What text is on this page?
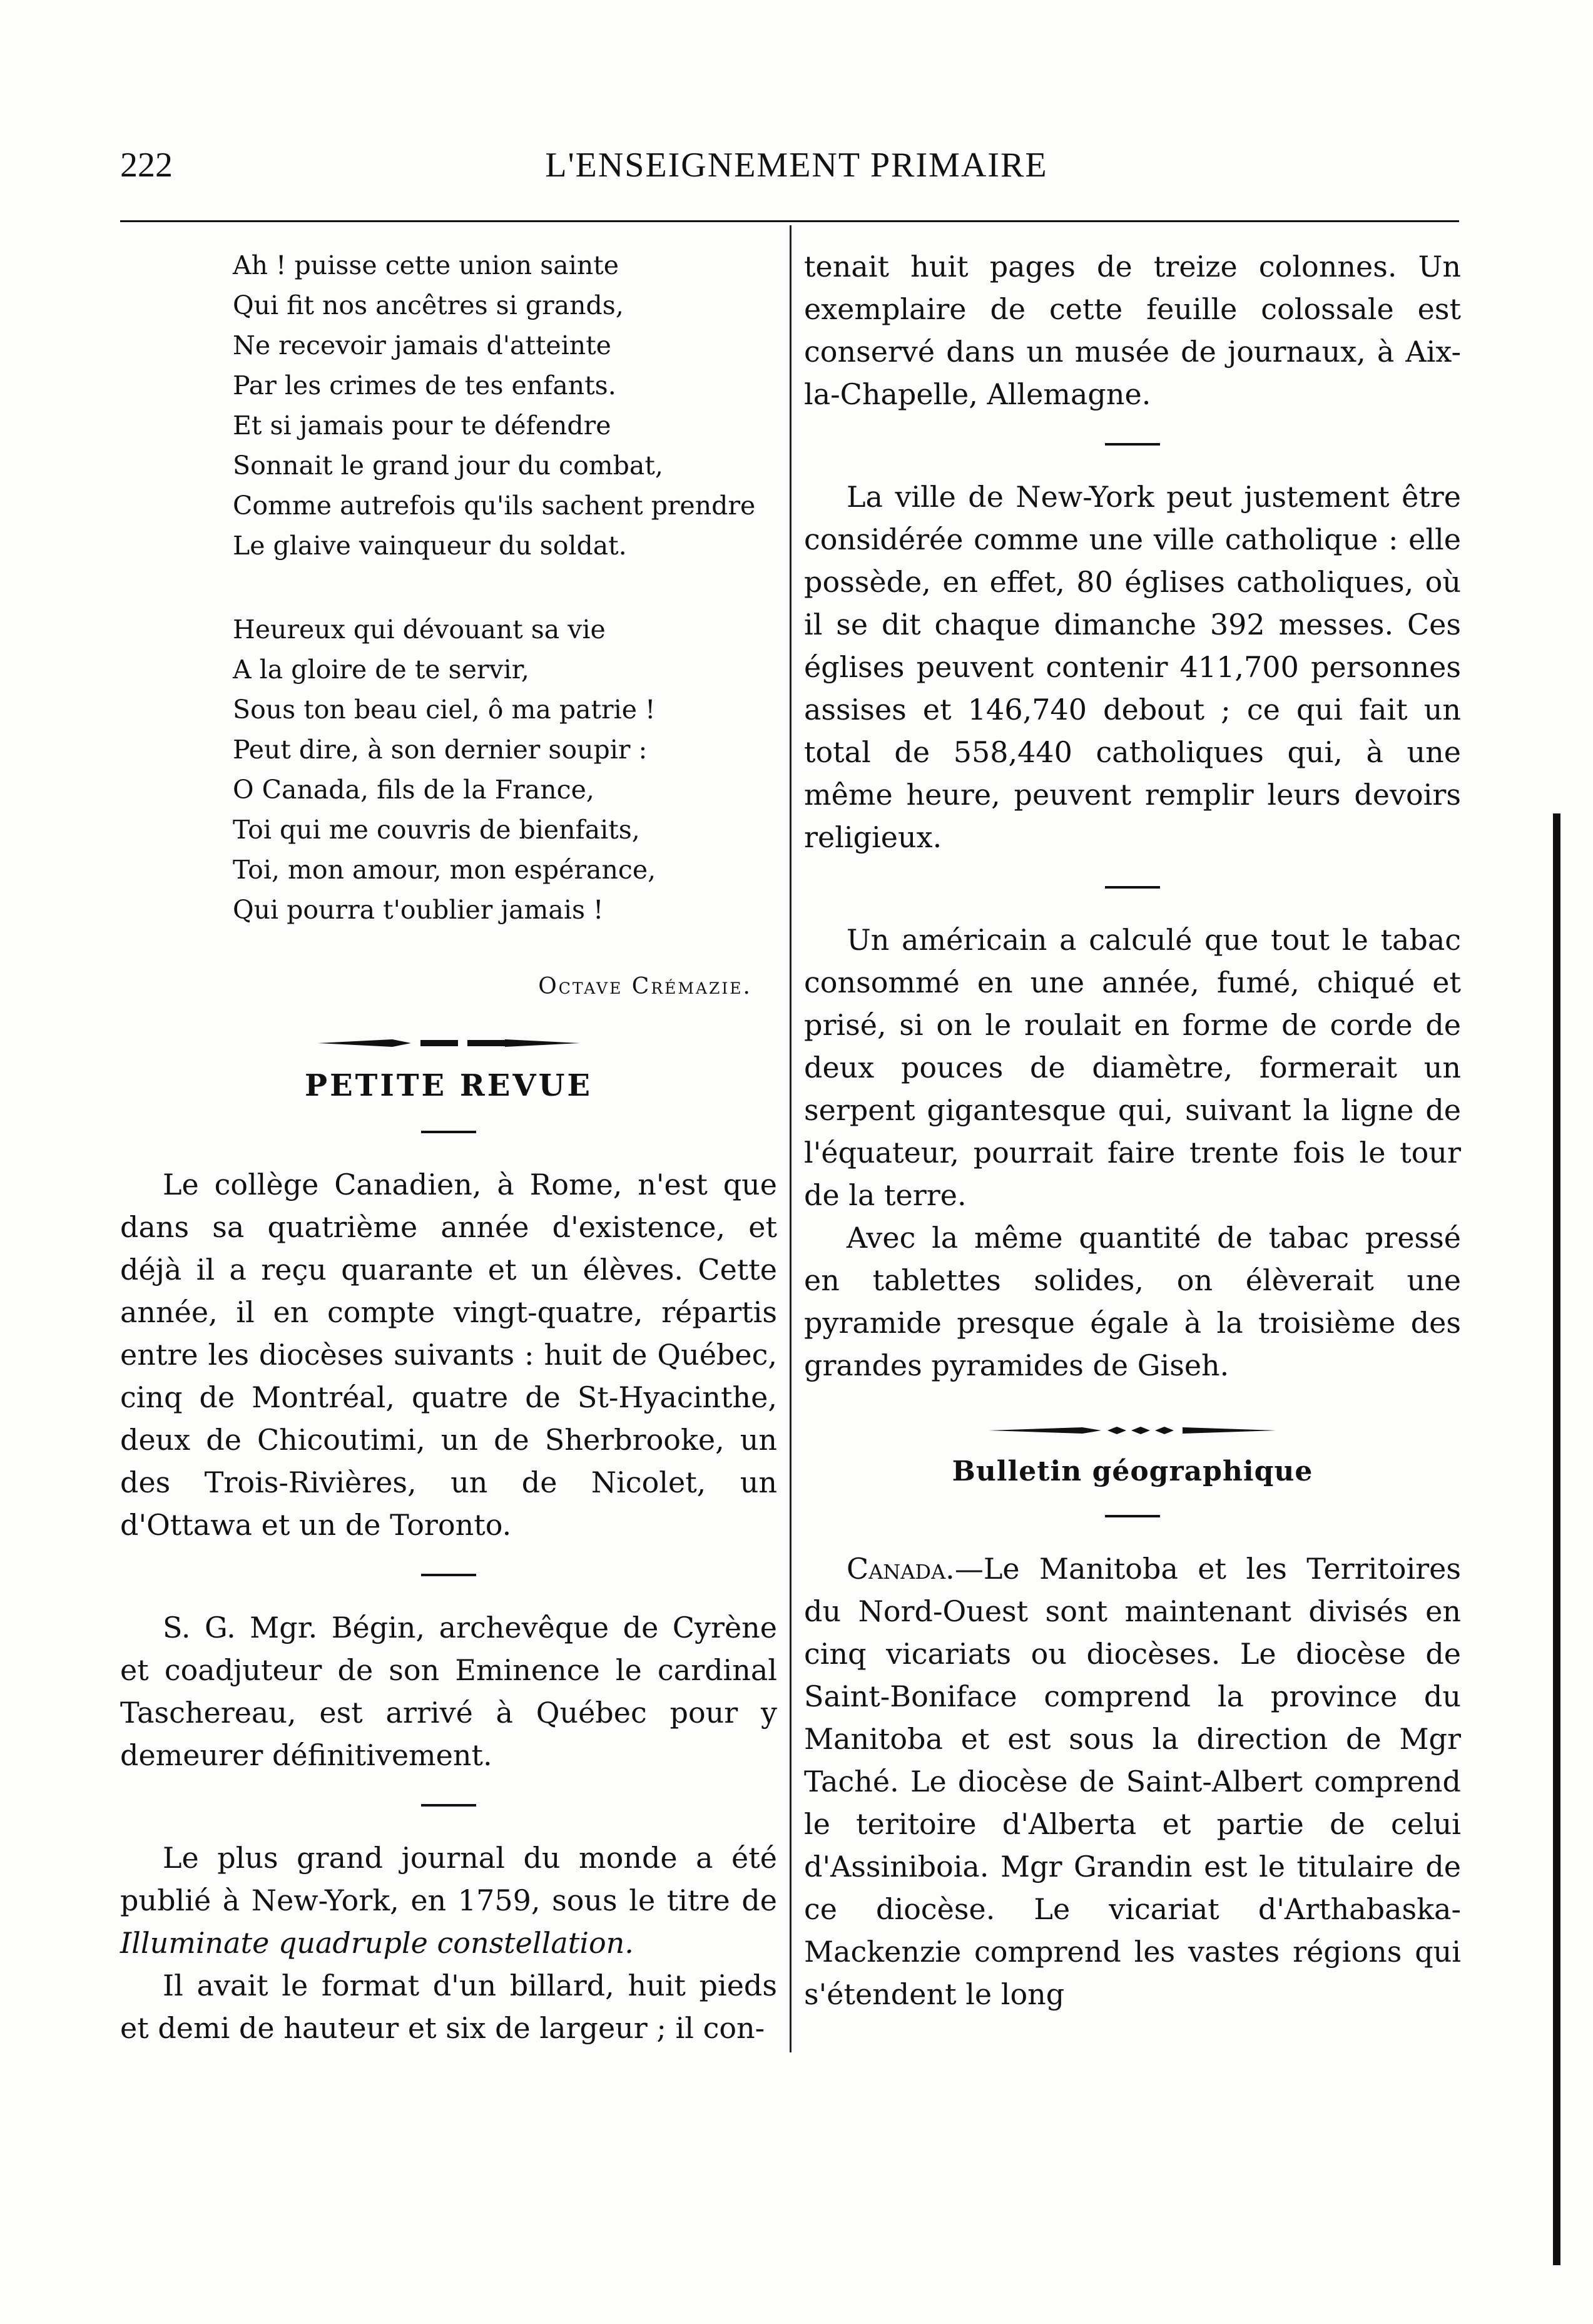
222	L'ENSEIGNEMENT PRIMAIRE
Ah ! puisse cette union sainte
Qui fit nos ancêtres si grands,
Ne recevoir jamais d'atteinte
Par les crimes de tes enfants.
Et si jamais pour te défendre
Sonnait le grand jour du combat,
Comme autrefois qu'ils sachent prendre
Le glaive vainqueur du soldat.
Heureux qui dévouant sa vie
A la gloire de te servir,
Sous ton beau ciel, ô ma patrie !
Peut dire, à son dernier soupir :
O Canada, fils de la France,
Toi qui me couvris de bienfaits,
Toi, mon amour, mon espérance,
Qui pourra t'oublier jamais !
Octave Crémazie.
PETITE REVUE

Le collège Canadien, à Rome, n'est que dans sa quatrième année d'existence, et déjà il a reçu quarante et un élèves. Cette année, il en compte vingt-quatre, répartis entre les diocèses suivants : huit de Québec, cinq de Montréal, quatre de St-Hyacinthe, deux de Chicoutimi, un de Sherbrooke, un des Trois-Rivières, un de Nicolet, un d'Ottawa et un de Toronto.

S. G. Mgr. Bégin, archevêque de Cyrène et coadjuteur de son Eminence le cardinal Taschereau, est arrivé à Québec pour y demeurer définitivement.

Le plus grand journal du monde a été publié à New-York, en 1759, sous le titre de Illuminate quadruple constellation.

Il avait le format d'un billard, huit pieds et demi de hauteur et six de largeur ; il con-

tenait huit pages de treize colonnes. Un exemplaire de cette feuille colossale est conservé dans un musée de journaux, à Aix-la-Chapelle, Allemagne.

La ville de New-York peut justement être considérée comme une ville catholique : elle possède, en effet, 80 églises catholiques, où il se dit chaque dimanche 392 messes. Ces églises peuvent contenir 411,700 personnes assises et 146,740 debout ; ce qui fait un total de 558,440 catholiques qui, à une même heure, peuvent remplir leurs devoirs religieux.

Un américain a calculé que tout le tabac consommé en une année, fumé, chiqué et prisé, si on le roulait en forme de corde de deux pouces de diamètre, formerait un serpent gigantesque qui, suivant la ligne de l'équateur, pourrait faire trente fois le tour de la terre.

Avec la même quantité de tabac pressé en tablettes solides, on élèverait une pyramide presque égale à la troisième des grandes pyramides de Giseh.

Bulletin géographique

Canada.—Le Manitoba et les Territoires du Nord-Ouest sont maintenant divisés en cinq vicariats ou diocèses. Le diocèse de Saint-Boniface comprend la province du Manitoba et est sous la direction de Mgr Taché. Le diocèse de Saint-Albert comprend le teritoire d'Alberta et partie de celui d'Assiniboia. Mgr Grandin est le titulaire de ce diocèse. Le vicariat d'Arthabaska-Mackenzie comprend les vastes régions qui s'étendent le long
